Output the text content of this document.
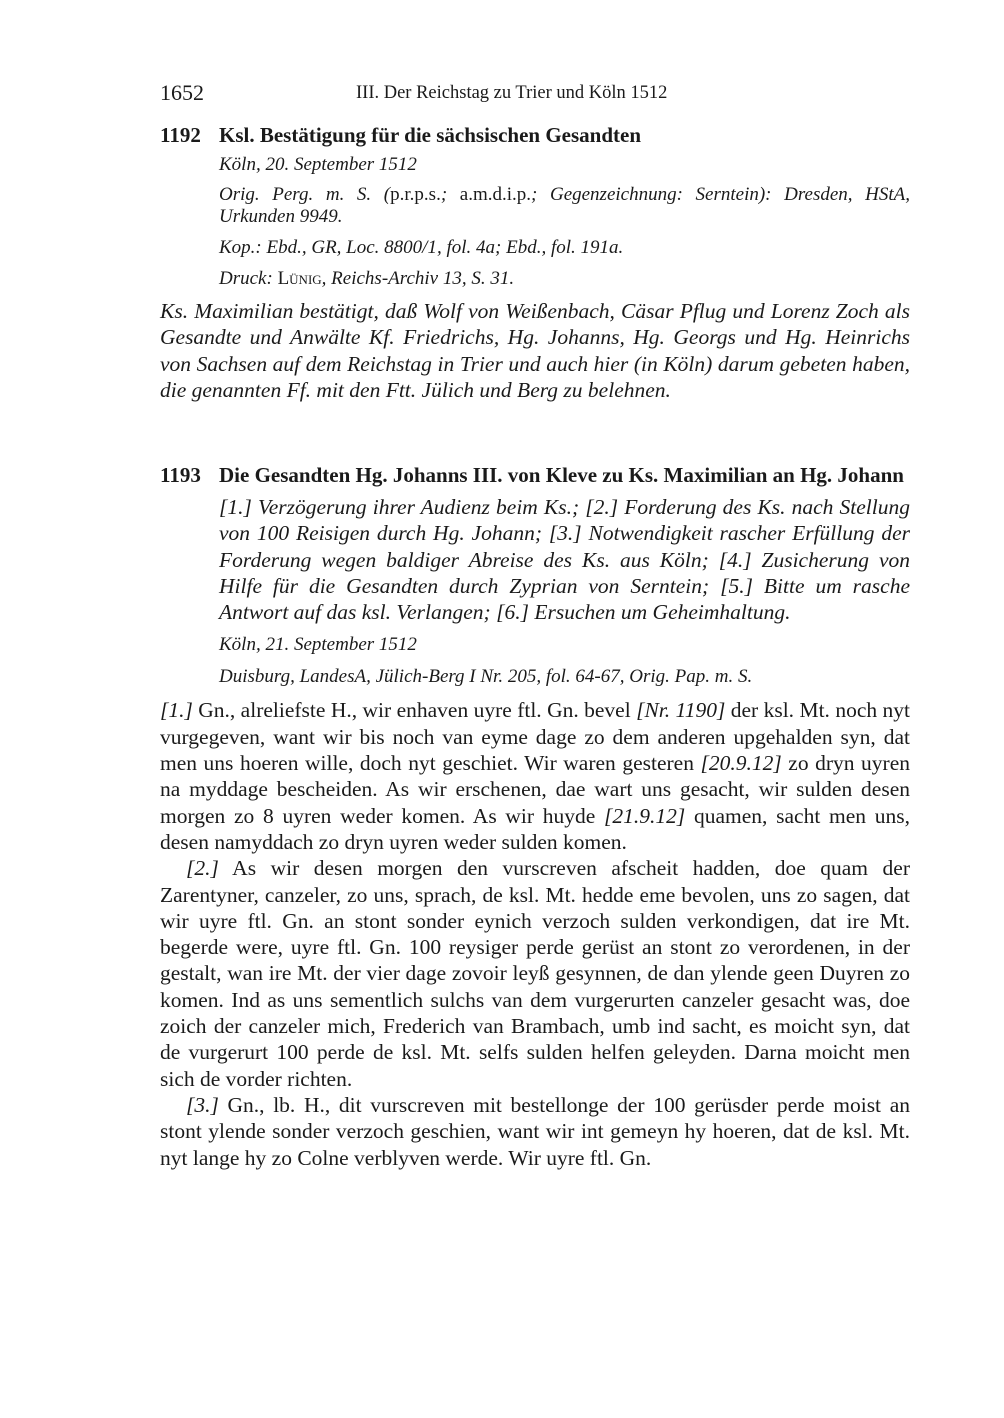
1652	III. Der Reichstag zu Trier und Köln 1512
1192 Ksl. Bestätigung für die sächsischen Gesandten
Köln, 20. September 1512
Orig. Perg. m. S. (p.r.p.s.; a.m.d.i.p.; Gegenzeichnung: Serntein): Dresden, HStA, Urkunden 9949.
Kop.: Ebd., GR, Loc. 8800/1, fol. 4a; Ebd., fol. 191a.
Druck: Lünig, Reichs-Archiv 13, S. 31.
Ks. Maximilian bestätigt, daß Wolf von Weißenbach, Cäsar Pflug und Lorenz Zoch als Gesandte und Anwälte Kf. Friedrichs, Hg. Johanns, Hg. Georgs und Hg. Heinrichs von Sachsen auf dem Reichstag in Trier und auch hier (in Köln) darum gebeten haben, die genannten Ff. mit den Ftt. Jülich und Berg zu belehnen.
1193 Die Gesandten Hg. Johanns III. von Kleve zu Ks. Maximilian an Hg. Johann
[1.] Verzögerung ihrer Audienz beim Ks.; [2.] Forderung des Ks. nach Stellung von 100 Reisigen durch Hg. Johann; [3.] Notwendigkeit rascher Erfüllung der Forderung wegen baldiger Abreise des Ks. aus Köln; [4.] Zusicherung von Hilfe für die Gesandten durch Zyprian von Serntein; [5.] Bitte um rasche Antwort auf das ksl. Verlangen; [6.] Ersuchen um Geheimhaltung.
Köln, 21. September 1512
Duisburg, LandesA, Jülich-Berg I Nr. 205, fol. 64-67, Orig. Pap. m. S.

[1.] Gn., alreliefste H., wir enhaven uyre ftl. Gn. bevel [Nr. 1190] der ksl. Mt. noch nyt vurgegeven, want wir bis noch van eyme dage zo dem anderen upgehalden syn, dat men uns hoeren wille, doch nyt geschiet. Wir waren gesteren [20.9.12] zo dryn uyren na myddage bescheiden. As wir erschenen, dae wart uns gesacht, wir sulden desen morgen zo 8 uyren weder komen. As wir huyde [21.9.12] quamen, sacht men uns, desen namyddach zo dryn uyren weder sulden komen.

[2.] As wir desen morgen den vurscreven afscheit hadden, doe quam der Zarentyner, canzeler, zo uns, sprach, de ksl. Mt. hedde eme bevolen, uns zo sagen, dat wir uyre ftl. Gn. an stont sonder eynich verzoch sulden verkondigen, dat ire Mt. begerde were, uyre ftl. Gn. 100 reysiger perde gerüst an stont zo verordenen, in der gestalt, wan ire Mt. der vier dage zovoir leyß gesynnen, de dan ylende geen Duyren zo komen. Ind as uns sementlich sulchs van dem vurgerurten canzeler gesacht was, doe zoich der canzeler mich, Frederich van Brambach, umb ind sacht, es moicht syn, dat de vurgerurt 100 perde de ksl. Mt. selfs sulden helfen geleyden. Darna moicht men sich de vorder richten.

[3.] Gn., lb. H., dit vurscreven mit bestellonge der 100 gerüsder perde moist an stont ylende sonder verzoch geschien, want wir int gemeyn hy hoeren, dat de ksl. Mt. nyt lange hy zo Colne verblyven werde. Wir uyre ftl. Gn.
